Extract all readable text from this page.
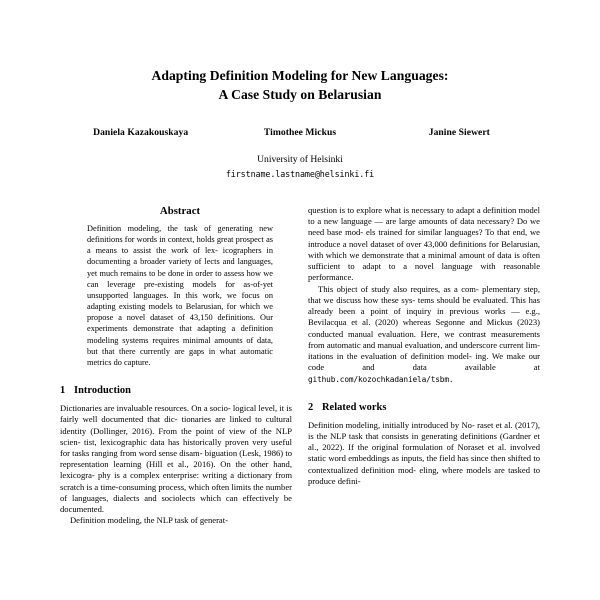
Adapting Definition Modeling for New Languages:
A Case Study on Belarusian
Daniela Kazakouskaya	Timothee Mickus	Janine Siewert
University of Helsinki
firstname.lastname@helsinki.fi
Abstract

Definition modeling, the task of generating new definitions for words in context, holds great prospect as a means to assist the work of lex- icographers in documenting a broader variety of lects and languages, yet much remains to be done in order to assess how we can leverage pre-existing models for as-of-yet unsupported languages. In this work, we focus on adapting existing models to Belarusian, for which we propose a novel dataset of 43,150 definitions. Our experiments demonstrate that adapting a definition modeling systems requires minimal amounts of data, but that there currently are gaps in what automatic metrics do capture.

1 Introduction

Dictionaries are invaluable resources. On a socio- logical level, it is fairly well documented that dic- tionaries are linked to cultural identity (Dollinger, 2016). From the point of view of the NLP scien- tist, lexicographic data has historically proven very useful for tasks ranging from word sense disam- biguation (Lesk, 1986) to representation learning (Hill et al., 2016). On the other hand, lexicogra- phy is a complex enterprise: writing a dictionary from scratch is a time-consuming process, which often limits the number of languages, dialects and sociolects which can effectively be documented.

Definition modeling, the NLP task of generat-

question is to explore what is necessary to adapt a definition model to a new language — are large amounts of data necessary? Do we need base mod- els trained for similar languages? To that end, we introduce a novel dataset of over 43,000 definitions for Belarusian, with which we demonstrate that a minimal amount of data is often sufficient to adapt to a novel language with reasonable performance.

This object of study also requires, as a com- plementary step, that we discuss how these sys- tems should be evaluated. This has already been a point of inquiry in previous works — e.g., Bevilacqua et al. (2020) whereas Segonne and Mickus (2023) conducted manual evaluation. Here, we contrast measurements from automatic and manual evaluation, and underscore current lim- itations in the evaluation of definition model- ing. We make our code and data available at github.com/kozochkadaniela/tsbm.

2 Related works

Definition modeling, initially introduced by No- raset et al. (2017), is the NLP task that consists in generating definitions (Gardner et al., 2022). If the original formulation of Noraset et al. involved static word embeddings as inputs, the field has since then shifted to contextualized definition mod- eling, where models are tasked to produce defini-
